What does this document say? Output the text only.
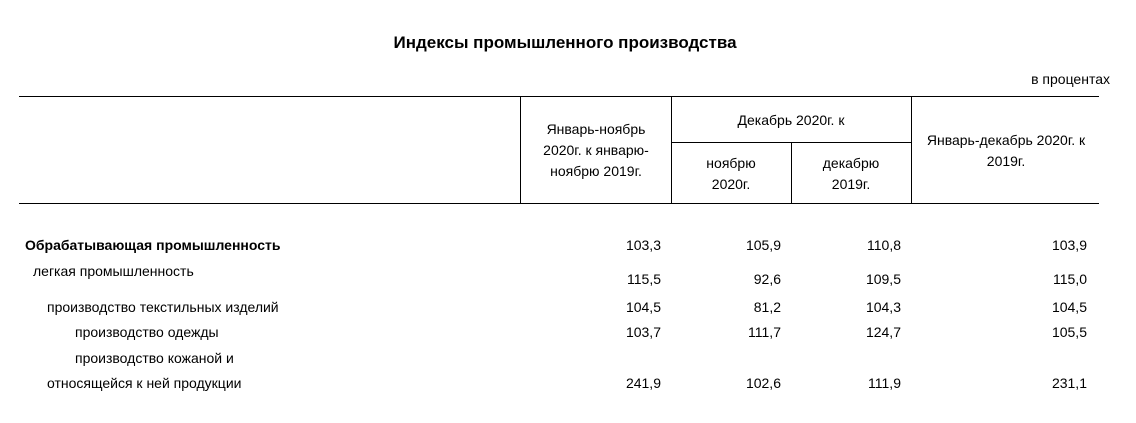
Индексы промышленного производства
в процентах
Январь-ноябрь 2020г. к январю-ноябрю 2019г.
Декабрь 2020г. к
ноябрю 2020г.
декабрю 2019г.
Январь-декабрь 2020г. к 2019г.
Обрабатывающая промышленность	103,3	105,9	110,8	103,9
легкая промышленность	115,5	92,6	109,5	115,0
производство текстильных изделий	104,5	81,2	104,3	104,5
производство одежды	103,7	111,7	124,7	105,5
производство кожаной и
относящейся к ней продукции	241,9	102,6	111,9	231,1
